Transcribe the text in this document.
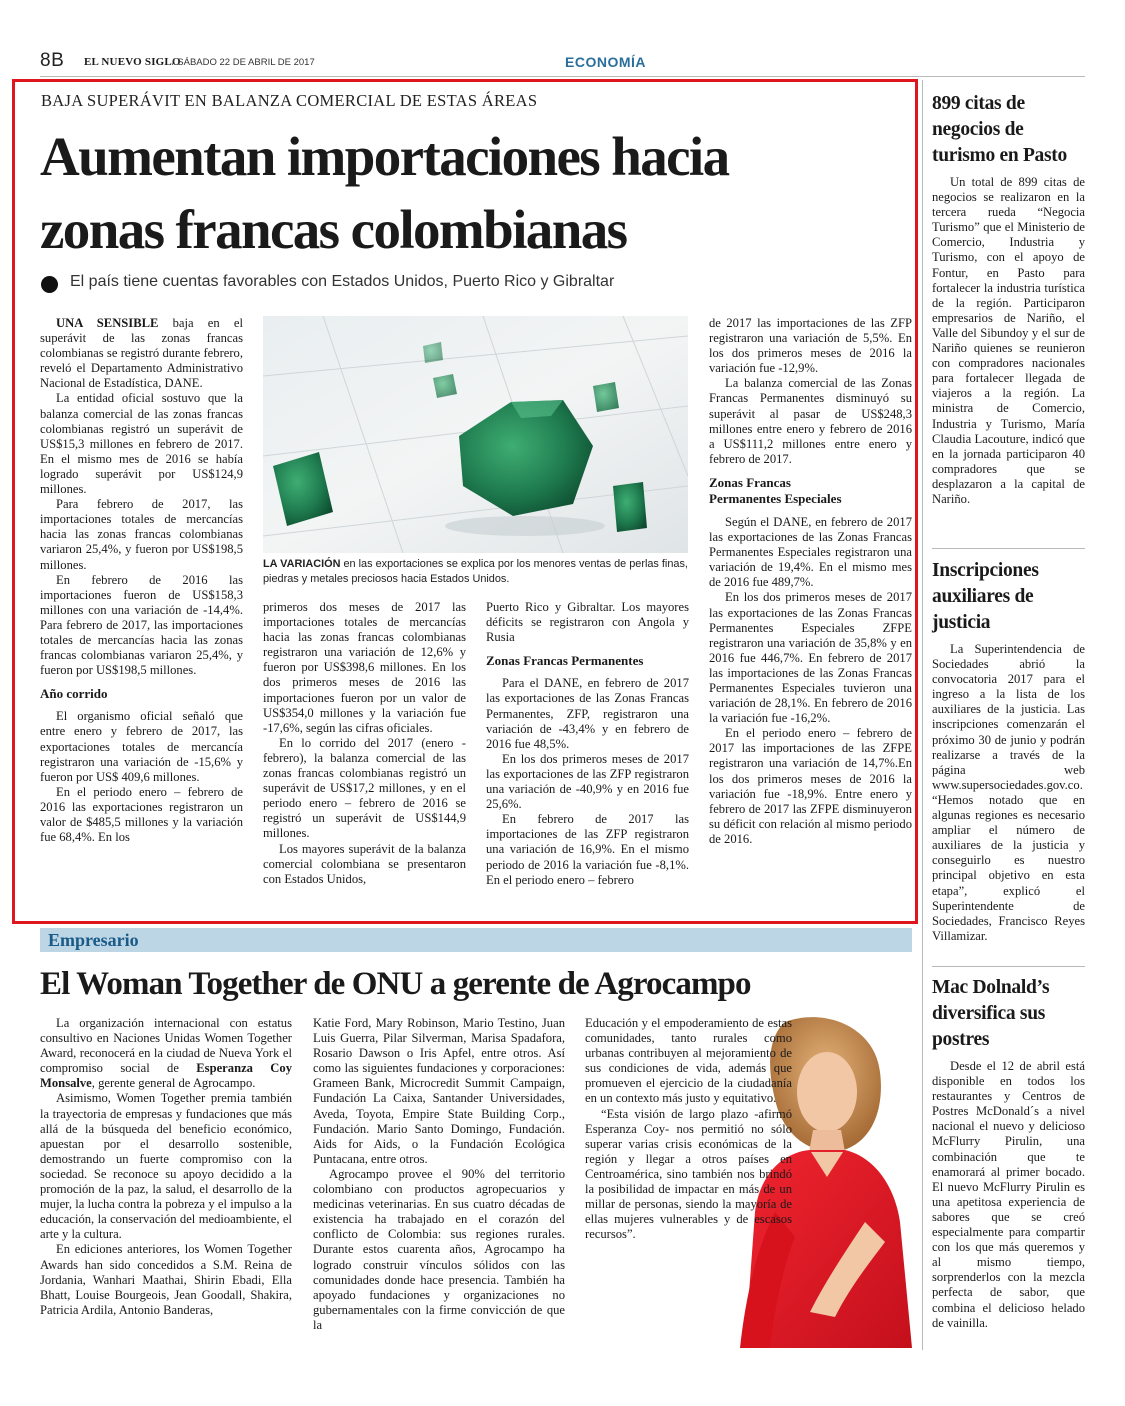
8B EL NUEVO SIGLO
/ SÁBADO 22 DE ABRIL DE 2017	ECONOMÍA
BAJA SUPERÁVIT EN BALANZA COMERCIAL DE ESTAS ÁREAS
Aumentan importaciones hacia
zonas francas colombianas
El país tiene cuentas favorables con Estados Unidos, Puerto Rico y Gibraltar

UNA SENSIBLE baja en el superávit de las zonas francas colombianas se registró durante febrero, reveló el Departamento Administrativo Nacional de Estadística, DANE.

La entidad oficial sostuvo que la balanza comercial de las zonas francas colombianas registró un superávit de US$15,3 millones en febrero de 2017. En el mismo mes de 2016 se había logrado superávit por US$124,9 millones.

Para febrero de 2017, las importaciones totales de mercancías hacia las zonas francas colombianas variaron 25,4%, y fueron por US$198,5 millones.

En febrero de 2016 las importaciones fueron de US$158,3 millones con una variación de -14,4%. Para febrero de 2017, las importaciones totales de mercancías hacia las zonas francas colombianas variaron 25,4%, y fueron por US$198,5 millones.

Año corrido

El organismo oficial señaló que entre enero y febrero de 2017, las exportaciones totales de mercancía registraron una variación de -15,6% y fueron por US$ 409,6 millones.

En el periodo enero – febrero de 2016 las exportaciones registraron un valor de $485,5 millones y la variación fue 68,4%. En los

LA VARIACIÓN en las exportaciones se explica por los menores ventas de perlas finas, piedras y metales preciosos hacia Estados Unidos.

primeros dos meses de 2017 las importaciones totales de mercancías hacia las zonas francas colombianas registraron una variación de 12,6% y fueron por US$398,6 millones. En los dos primeros meses de 2016 las importaciones fueron por un valor de US$354,0 millones y la variación fue -17,6%, según las cifras oficiales.

En lo corrido del 2017 (enero - febrero), la balanza comercial de las zonas francas colombianas registró un superávit de US$17,2 millones, y en el periodo enero – febrero de 2016 se registró un superávit de US$144,9 millones.

Los mayores superávit de la balanza comercial colombiana se presentaron con Estados Unidos,

Puerto Rico y Gibraltar. Los mayores déficits se registraron con Angola y Rusia

Zonas Francas Permanentes

Para el DANE, en febrero de 2017 las exportaciones de las Zonas Francas Permanentes, ZFP, registraron una variación de -43,4% y en febrero de 2016 fue 48,5%.

En los dos primeros meses de 2017 las exportaciones de las ZFP registraron una variación de -40,9% y en 2016 fue 25,6%.

En febrero de 2017 las importaciones de las ZFP registraron una variación de 16,9%. En el mismo periodo de 2016 la variación fue -8,1%. En el periodo enero – febrero

de 2017 las importaciones de las ZFP registraron una variación de 5,5%. En los dos primeros meses de 2016 la variación fue -12,9%.

La balanza comercial de las Zonas Francas Permanentes disminuyó su superávit al pasar de US$248,3 millones entre enero y febrero de 2016 a US$111,2 millones entre enero y febrero de 2017.

Zonas Francas
Permanentes Especiales

Según el DANE, en febrero de 2017 las exportaciones de las Zonas Francas Permanentes Especiales registraron una variación de 19,4%. En el mismo mes de 2016 fue 489,7%.

En los dos primeros meses de 2017 las exportaciones de las Zonas Francas Permanentes Especiales ZFPE registraron una variación de 35,8% y en 2016 fue 446,7%. En febrero de 2017 las importaciones de las Zonas Francas Permanentes Especiales tuvieron una variación de 28,1%. En febrero de 2016 la variación fue -16,2%.

En el periodo enero – febrero de 2017 las importaciones de las ZFPE registraron una variación de 14,7%.En los dos primeros meses de 2016 la variación fue -18,9%. Entre enero y febrero de 2017 las ZFPE disminuyeron su déficit con relación al mismo periodo de 2016.

Empresario
El Woman Together de ONU a gerente de Agrocampo

La organización internacional con estatus consultivo en Naciones Unidas Women Together Award, reconocerá en la ciudad de Nueva York el compromiso social de Esperanza Coy Monsalve, gerente general de Agrocampo.

Asimismo, Women Together premia también la trayectoria de empresas y fundaciones que más allá de la búsqueda del beneficio económico, apuestan por el desarrollo sostenible, demostrando un fuerte compromiso con la sociedad. Se reconoce su apoyo decidido a la promoción de la paz, la salud, el desarrollo de la mujer, la lucha contra la pobreza y el impulso a la educación, la conservación del medioambiente, el arte y la cultura.

En ediciones anteriores, los Women Together Awards han sido concedidos a S.M. Reina de Jordania, Wanhari Maathai, Shirin Ebadi, Ella Bhatt, Louise Bourgeois, Jean Goodall, Shakira, Patricia Ardila, Antonio Banderas,

Katie Ford, Mary Robinson, Mario Testino, Juan Luis Guerra, Pilar Silverman, Marisa Spadafora, Rosario Dawson o Iris Apfel, entre otros. Así como las siguientes fundaciones y corporaciones: Grameen Bank, Microcredit Summit Campaign, Fundación La Caixa, Santander Universidades, Aveda, Toyota, Empire State Building Corp., Fundación. Mario Santo Domingo, Fundación. Aids for Aids, o la Fundación Ecológica Puntacana, entre otros.

Agrocampo provee el 90% del territorio colombiano con productos agropecuarios y medicinas veterinarias. En sus cuatro décadas de existencia ha trabajado en el corazón del conflicto de Colombia: sus regiones rurales. Durante estos cuarenta años, Agrocampo ha logrado construir vínculos sólidos con las comunidades donde hace presencia. También ha apoyado fundaciones y organizaciones no gubernamentales con la firme convicción de que la

Educación y el empoderamiento de estas comunidades, tanto rurales como urbanas contribuyen al mejoramiento de sus condiciones de vida, además que promueven el ejercicio de la ciudadanía en un contexto más justo y equitativo.

“Esta visión de largo plazo -afirmó Esperanza Coy- nos permitió no sólo superar varias crisis económicas de la región y llegar a otros países en Centroamérica, sino también nos brindó la posibilidad de impactar en más de un millar de personas, siendo la mayoría de ellas mujeres vulnerables y de escasos recursos”.

899 citas de negocios de turismo en Pasto

Un total de 899 citas de negocios se realizaron en la tercera rueda “Negocia Turismo” que el Ministerio de Comercio, Industria y Turismo, con el apoyo de Fontur, en Pasto para fortalecer la industria turística de la región. Participaron empresarios de Nariño, el Valle del Sibundoy y el sur de Nariño quienes se reunieron con compradores nacionales para fortalecer llegada de viajeros a la región. La ministra de Comercio, Industria y Turismo, María Claudia Lacouture, indicó que en la jornada participaron 40 compradores que se desplazaron a la capital de Nariño.

Inscripciones auxiliares de justicia

La Superintendencia de Sociedades abrió la convocatoria 2017 para el ingreso a la lista de los auxiliares de la justicia. Las inscripciones comenzarán el próximo 30 de junio y podrán realizarse a través de la página web www.supersociedades.gov.co. “Hemos notado que en algunas regiones es necesario ampliar el número de auxiliares de la justicia y conseguirlo es nuestro principal objetivo en esta etapa”, explicó el Superintendente de Sociedades, Francisco Reyes Villamizar.

Mac Dolnald’s diversifica sus postres

Desde el 12 de abril está disponible en todos los restaurantes y Centros de Postres McDonald´s a nivel nacional el nuevo y delicioso McFlurry Pirulin, una combinación que te enamorará al primer bocado. El nuevo McFlurry Pirulin es una apetitosa experiencia de sabores que se creó especialmente para compartir con los que más queremos y al mismo tiempo, sorprenderlos con la mezcla perfecta de sabor, que combina el delicioso helado de vainilla.
